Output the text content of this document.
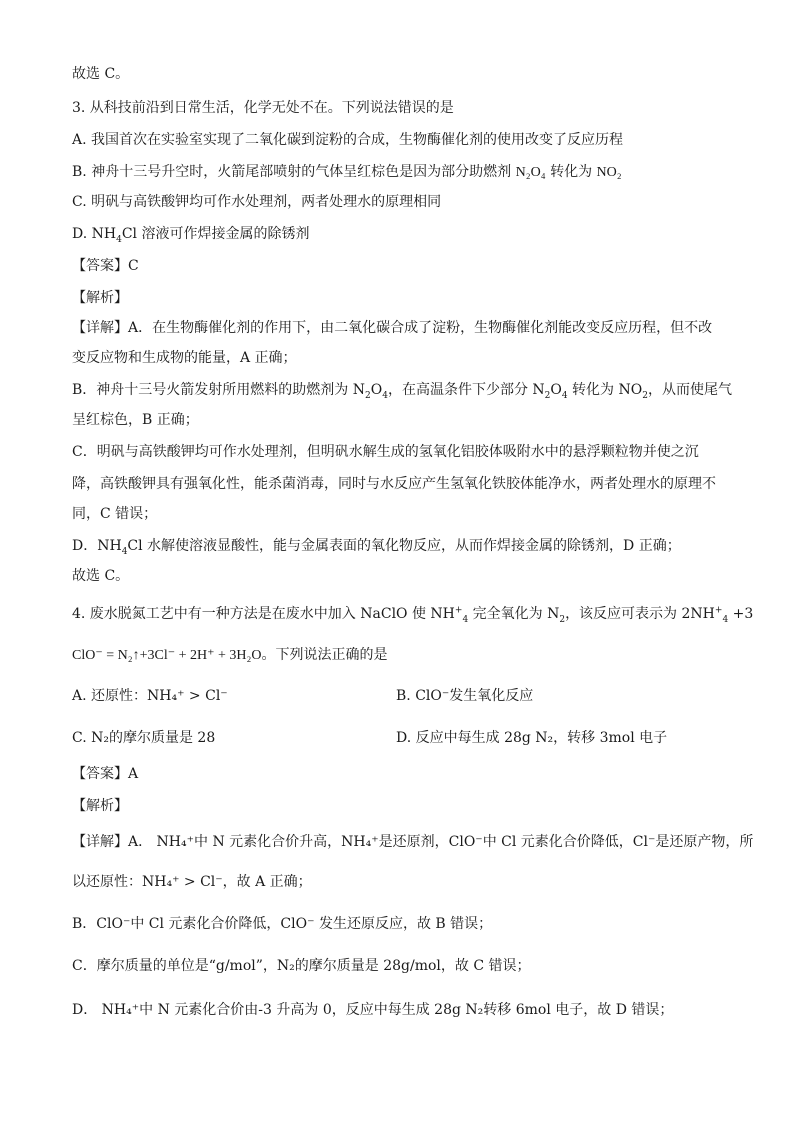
故选 C。
3. 从科技前沿到日常生活，化学无处不在。下列说法错误的是
A. 我国首次在实验室实现了二氧化碳到淀粉的合成，生物酶催化剂的使用改变了反应历程
B. 神舟十三号升空时，火箭尾部喷射的气体呈红棕色是因为部分助燃剂 N₂O₄ 转化为 NO₂
C. 明矾与高铁酸钾均可作水处理剂，两者处理水的原理相同
D. $NH_4Cl$ 溶液可作焊接金属的除锈剂
【答案】C
【解析】
【详解】A．在生物酶催化剂的作用下，由二氧化碳合成了淀粉，生物酶催化剂能改变反应历程，但不改
变反应物和生成物的能量，A 正确；
B．神舟十三号火箭发射所用燃料的助燃剂为 $N_2O_4$，在高温条件下少部分 $N_2O_4$ 转化为 $NO_2$，从而使尾气
呈红棕色，B 正确；
C．明矾与高铁酸钾均可作水处理剂，但明矾水解生成的氢氧化铝胶体吸附水中的悬浮颗粒物并使之沉
降，高铁酸钾具有强氧化性，能杀菌消毒，同时与水反应产生氢氧化铁胶体能净水，两者处理水的原理不
同，C 错误；
D．$NH_4Cl$ 水解使溶液显酸性，能与金属表面的氧化物反应，从而作焊接金属的除锈剂，D 正确；
故选 C。
4. 废水脱氮工艺中有一种方法是在废水中加入 NaClO 使 $NH^+_4$ 完全氧化为 $N_2$，该反应可表示为 $2NH^+_4 +3$
ClO⁻ = N₂↑+3Cl⁻ + 2H⁺ + 3H₂O。下列说法正确的是
A. 还原性：NH₄⁺ > Cl⁻	B. ClO⁻发生氧化反应
C. N₂的摩尔质量是 28	D. 反应中每生成 28g N₂，转移 3mol 电子
【答案】A
【解析】
【详解】A． NH₄⁺中 N 元素化合价升高，NH₄⁺是还原剂，ClO⁻中 Cl 元素化合价降低，Cl⁻是还原产物，所
以还原性：NH₄⁺ > Cl⁻，故 A 正确；
B．ClO⁻中 Cl 元素化合价降低，ClO⁻ 发生还原反应，故 B 错误；
C．摩尔质量的单位是“g/mol”，N₂的摩尔质量是 28g/mol，故 C 错误；
D． NH₄⁺中 N 元素化合价由-3 升高为 0，反应中每生成 28g N₂转移 6mol 电子，故 D 错误；
